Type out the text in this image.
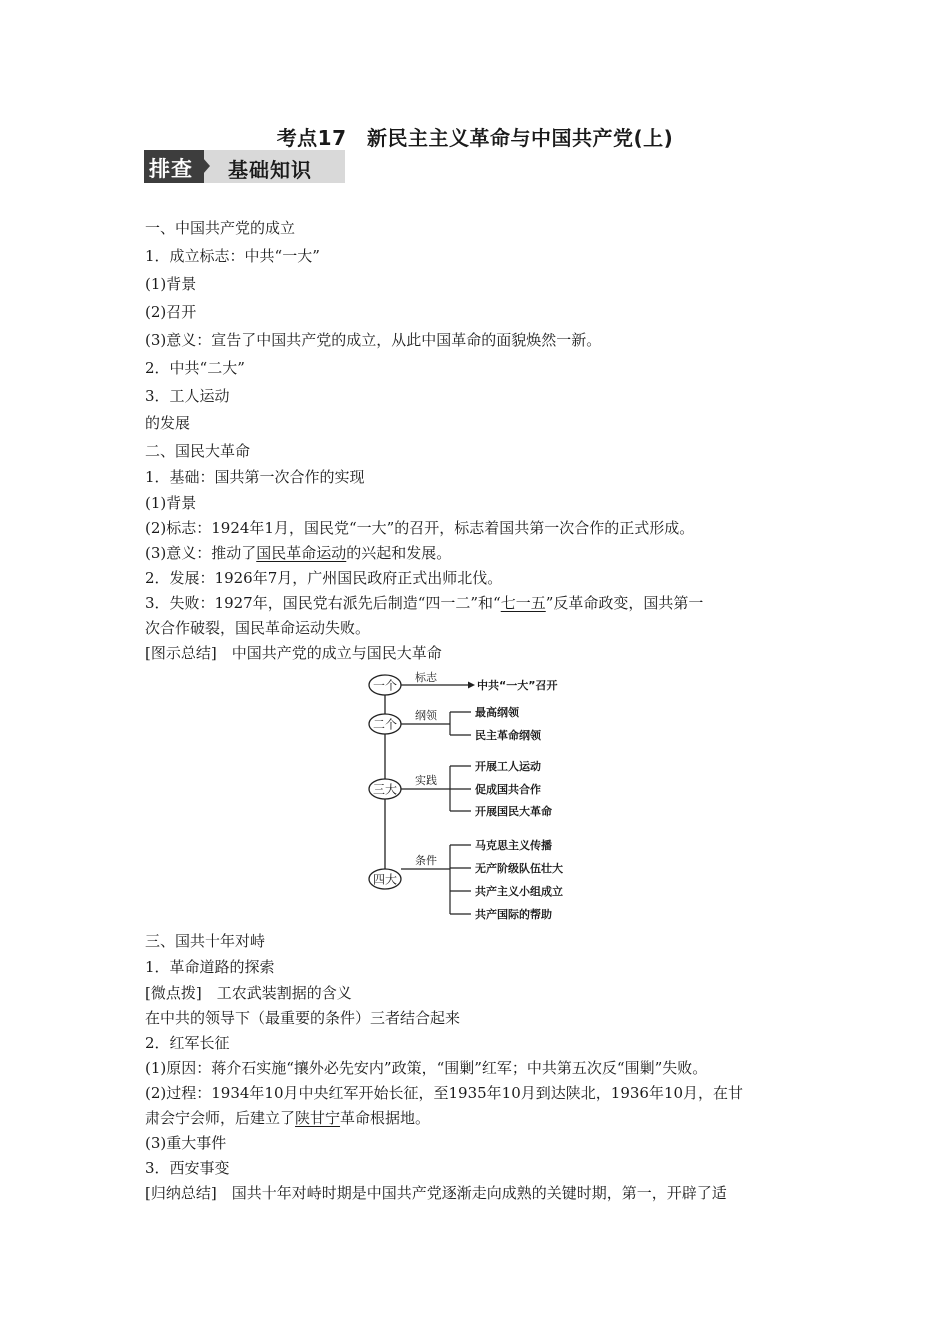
考点17　新民主主义革命与中国共产党(上)
排查 基础知识
一、中国共产党的成立
1．成立标志：中共“一大”
(1)背景
(2)召开
(3)意义：宣告了中国共产党的成立，从此中国革命的面貌焕然一新。
2．中共“二大”
3．工人运动
的发展
二、国民大革命
1．基础：国共第一次合作的实现
(1)背景
(2)标志：1924年1月，国民党“一大”的召开，标志着国共第一次合作的正式形成。
(3)意义：推动了国民革命运动的兴起和发展。
2．发展：1926年7月，广州国民政府正式出师北伐。
3．失败：1927年，国民党右派先后制造“四一二”和“七一五”反革命政变，国共第一
次合作破裂，国民革命运动失败。
[图示总结]　中国共产党的成立与国民大革命
一个
二个
三大
四大
标志
中共“一大”召开
纲领	最高纲领
民主革命纲领
实践
开展工人运动
促成国共合作
开展国民大革命
条件
马克思主义传播
无产阶级队伍壮大
共产主义小组成立
共产国际的帮助
三、国共十年对峙
1．革命道路的探索
[微点拨]　工农武装割据的含义
在中共的领导下（最重要的条件）三者结合起来
2．红军长征
(1)原因：蒋介石实施“攘外必先安内”政策，“围剿”红军；中共第五次反“围剿”失败。
(2)过程：1934年10月中央红军开始长征，至1935年10月到达陕北，1936年10月，在甘
肃会宁会师，后建立了陕甘宁革命根据地。
(3)重大事件
3．西安事变
[归纳总结]　国共十年对峙时期是中国共产党逐渐走向成熟的关键时期，第一，开辟了适
